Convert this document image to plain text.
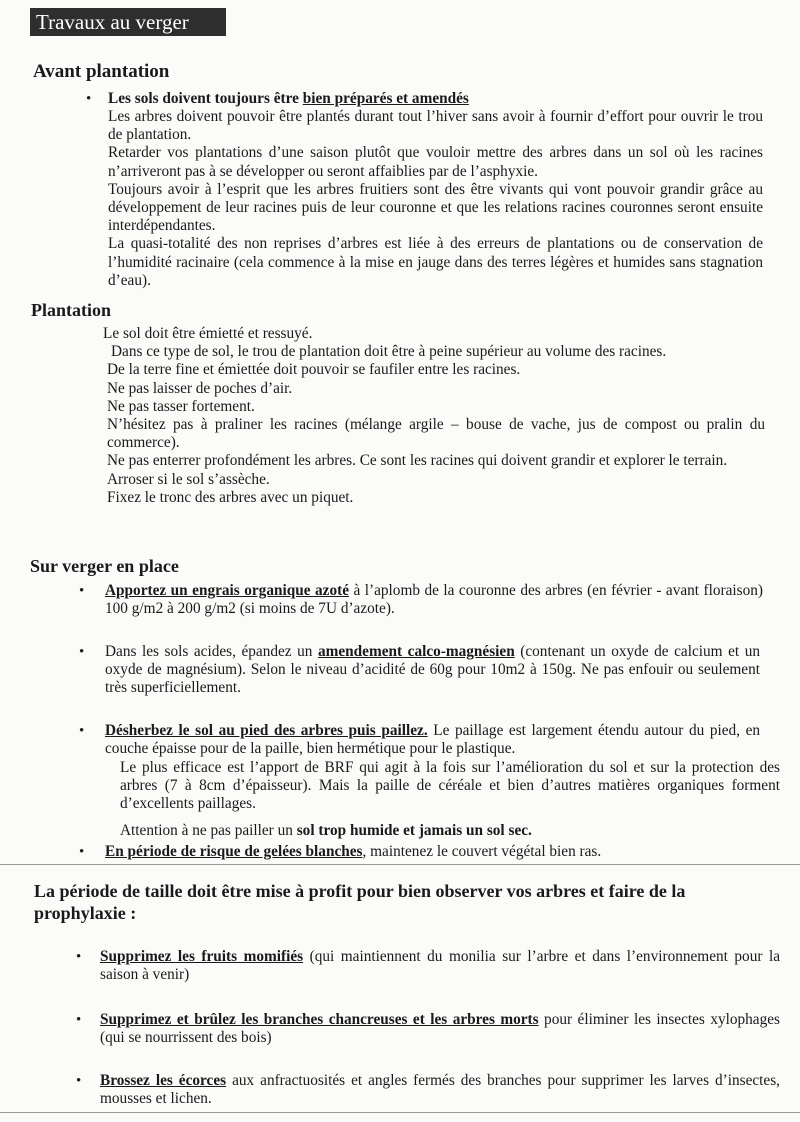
Travaux au verger
Avant plantation
• Les sols doivent toujours être bien préparés et amendés
Les arbres doivent pouvoir être plantés durant tout l’hiver sans avoir à fournir d’effort pour ouvrir le trou de plantation.
Retarder vos plantations d’une saison plutôt que vouloir mettre des arbres dans un sol où les racines n’arriveront pas à se développer ou seront affaiblies par de l’asphyxie.
Toujours avoir à l’esprit que les arbres fruitiers sont des être vivants qui vont pouvoir grandir grâce au développement de leur racines puis de leur couronne et que les relations racines couronnes seront ensuite interdépendantes.
La quasi-totalité des non reprises d’arbres est liée à des erreurs de plantations ou de conservation de l’humidité racinaire (cela commence à la mise en jauge dans des terres légères et humides sans stagnation d’eau).
Plantation
Le sol doit être émietté et ressuyé.
Dans ce type de sol, le trou de plantation doit être à peine supérieur au volume des racines.
De la terre fine et émiettée doit pouvoir se faufiler entre les racines.
Ne pas laisser de poches d’air.
Ne pas tasser fortement.
N’hésitez pas à praliner les racines (mélange argile – bouse de vache, jus de compost ou pralin du commerce).
Ne pas enterrer profondément les arbres. Ce sont les racines qui doivent grandir et explorer le terrain.
Arroser si le sol s’assèche.
Fixez le tronc des arbres avec un piquet.
Sur verger en place
• Apportez un engrais organique azoté à l’aplomb de la couronne des arbres (en février - avant floraison) 100 g/m2 à 200 g/m2 (si moins de 7U d’azote).
• Dans les sols acides, épandez un amendement calco-magnésien (contenant un oxyde de calcium et un oxyde de magnésium). Selon le niveau d’acidité de 60g pour 10m2 à 150g. Ne pas enfouir ou seulement très superficiellement.
• Désherbez le sol au pied des arbres puis paillez. Le paillage est largement étendu autour du pied, en couche épaisse pour de la paille, bien hermétique pour le plastique.
Le plus efficace est l’apport de BRF qui agit à la fois sur l’amélioration du sol et sur la protection des arbres (7 à 8cm d’épaisseur). Mais la paille de céréale et bien d’autres matières organiques forment d’excellents paillages.
Attention à ne pas pailler un sol trop humide et jamais un sol sec.
• En période de risque de gelées blanches, maintenez le couvert végétal bien ras.
La période de taille doit être mise à profit pour bien observer vos arbres et faire de la prophylaxie :
• Supprimez les fruits momifiés (qui maintiennent du monilia sur l’arbre et dans l’environnement pour la saison à venir)
• Supprimez et brûlez les branches chancreuses et les arbres morts pour éliminer les insectes xylophages (qui se nourrissent des bois)
• Brossez les écorces aux anfractuosités et angles fermés des branches pour supprimer les larves d’insectes, mousses et lichen.
